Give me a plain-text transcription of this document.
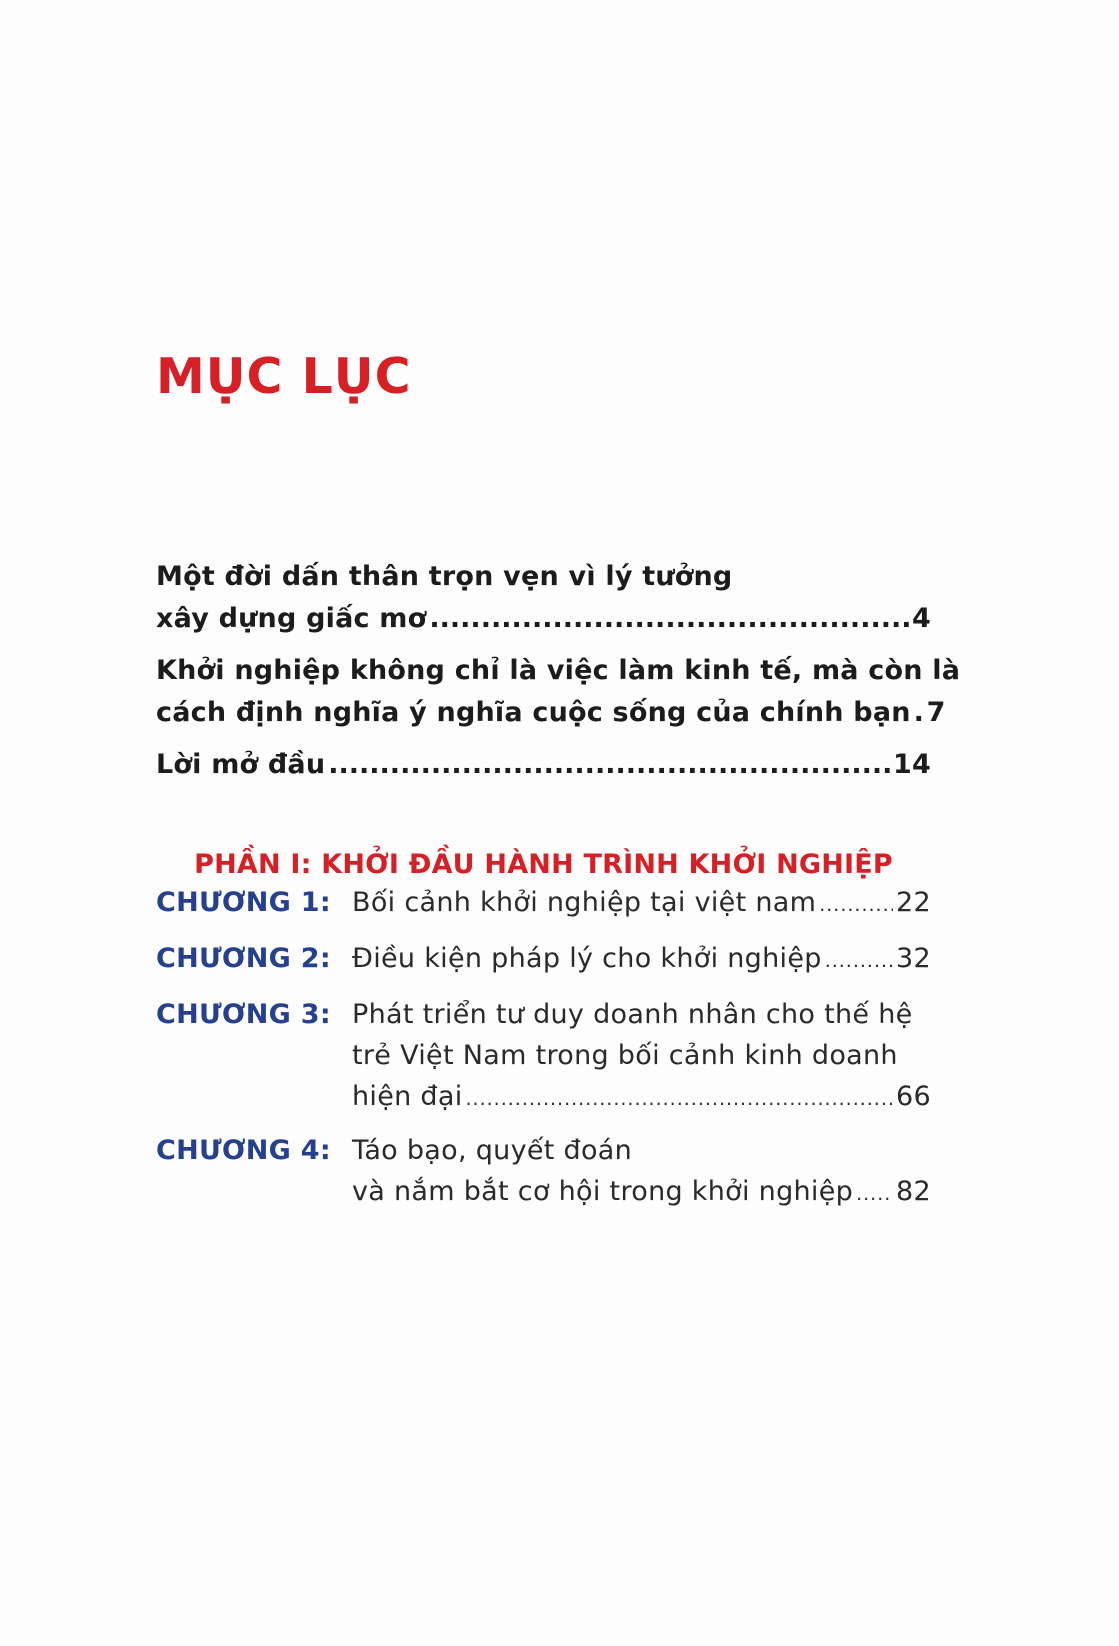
MỤC LỤC
Một đời dấn thân trọn vẹn vì lý tưởng
xây dựng giấc mơ .....	4
Khởi nghiệp không chỉ là việc làm kinh tế, mà còn là
cách định nghĩa ý nghĩa cuộc sống của chính bạn ..... 7
Lời mở đầu .....	14
PHẦN I: KHỞI ĐẦU HÀNH TRÌNH KHỞI NGHIỆP
CHƯƠNG 1: Bối cảnh khởi nghiệp tại việt nam .....	22
CHƯƠNG 2: Điều kiện pháp lý cho khởi nghiệp .....	32
CHƯƠNG 3: Phát triển tư duy doanh nhân cho thế hệ
trẻ Việt Nam trong bối cảnh kinh doanh
hiện đại .....	66
CHƯƠNG 4: Táo bạo, quyết đoán
và nắm bắt cơ hội trong khởi nghiệp ..... 82
